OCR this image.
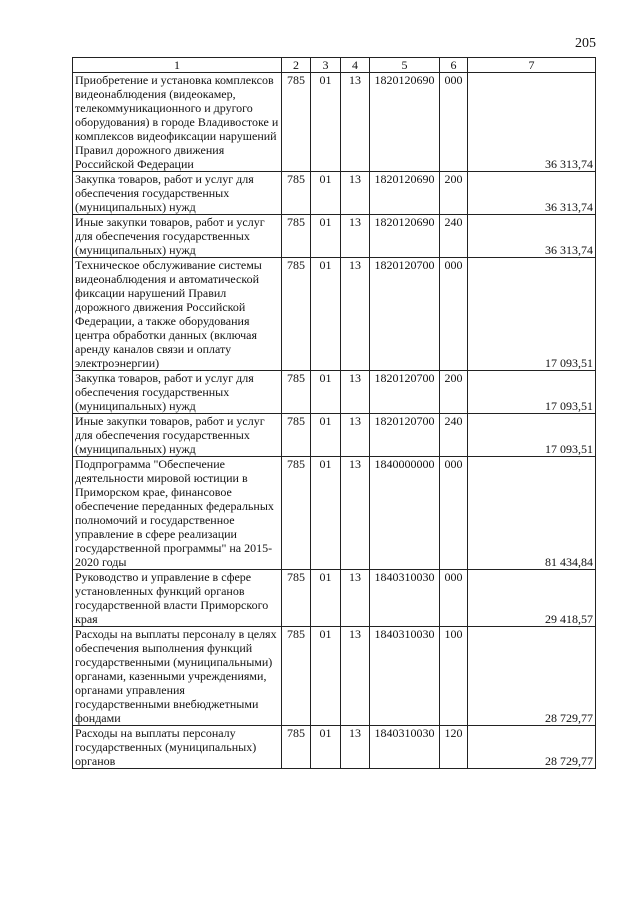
205
1	2	3	4	5	6	7
Приобретение и установка комплексов видеонаблюдения (видеокамер, телекоммуникационного и другого оборудования) в городе Владивостоке и комплексов видеофиксации нарушений Правил дорожного движения Российской Федерации	785	01	13	1820120690	000	36 313,74
Закупка товаров, работ и услуг для обеспечения государственных (муниципальных) нужд	785	01	13	1820120690	200	36 313,74
Иные закупки товаров, работ и услуг для обеспечения государственных (муниципальных) нужд	785	01	13	1820120690	240	36 313,74
Техническое обслуживание системы видеонаблюдения и автоматической фиксации нарушений Правил дорожного движения Российской Федерации, а также оборудования центра обработки данных (включая аренду каналов связи и оплату электроэнергии)	785	01	13	1820120700	000	17 093,51
Закупка товаров, работ и услуг для обеспечения государственных (муниципальных) нужд	785	01	13	1820120700	200	17 093,51
Иные закупки товаров, работ и услуг для обеспечения государственных (муниципальных) нужд	785	01	13	1820120700	240	17 093,51
Подпрограмма "Обеспечение деятельности мировой юстиции в Приморском крае, финансовое обеспечение переданных федеральных полномочий и государственное управление в сфере реализации государственной программы" на 2015-2020 годы	785	01	13	1840000000	000	81 434,84
Руководство и управление в сфере установленных функций органов государственной власти Приморского края	785	01	13	1840310030	000	29 418,57
Расходы на выплаты персоналу в целях обеспечения выполнения функций государственными (муниципальными) органами, казенными учреждениями, органами управления государственными внебюджетными фондами	785	01	13	1840310030	100	28 729,77
Расходы на выплаты персоналу государственных (муниципальных) органов	785	01	13	1840310030	120	28 729,77
